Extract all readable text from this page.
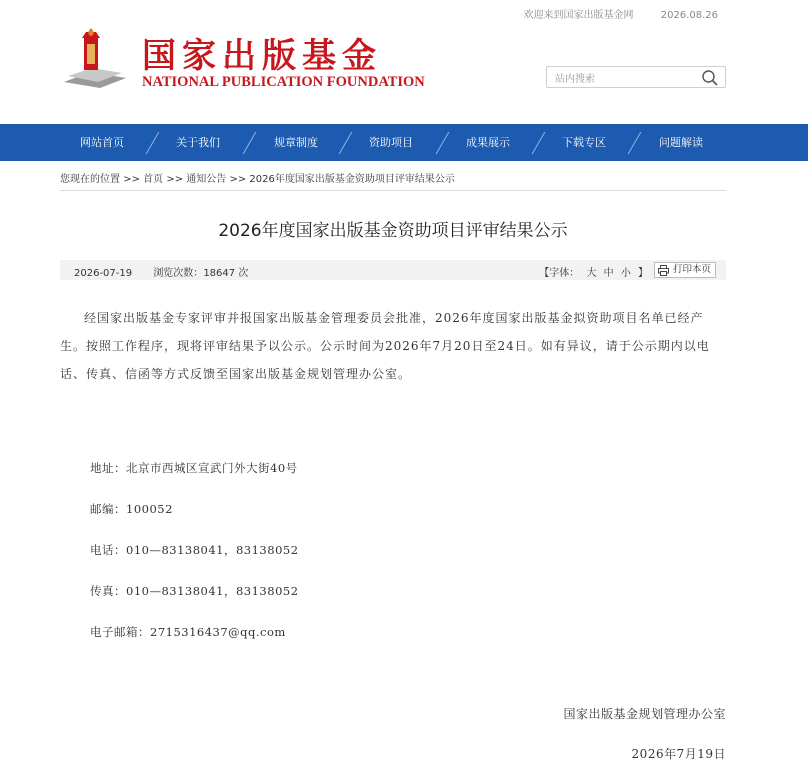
欢迎来到国家出版基金网	2026.08.26
国家出版基金
NATIONAL PUBLICATION FOUNDATION
站内搜索
网站首页	关于我们	规章制度	资助项目	成果展示	下载专区	问题解读
您现在的位置 >> 首页 >> 通知公告 >> 2026年度国家出版基金资助项目评审结果公示
2026年度国家出版基金资助项目评审结果公示
2026-07-19 浏览次数：18647 次	【字体： 大 中 小 】	打印本页

经国家出版基金专家评审并报国家出版基金管理委员会批准，2026年度国家出版基金拟资助项目名单已经产生。按照工作程序，现将评审结果予以公示。公示时间为2026年7月20日至24日。如有异议，请于公示期内以电话、传真、信函等方式反馈至国家出版基金规划管理办公室。

地址：北京市西城区宣武门外大街40号
邮编：100052
电话：010—83138041，83138052
传真：010—83138041，83138052
电子邮箱：2715316437@qq.com
国家出版基金规划管理办公室
2026年7月19日
